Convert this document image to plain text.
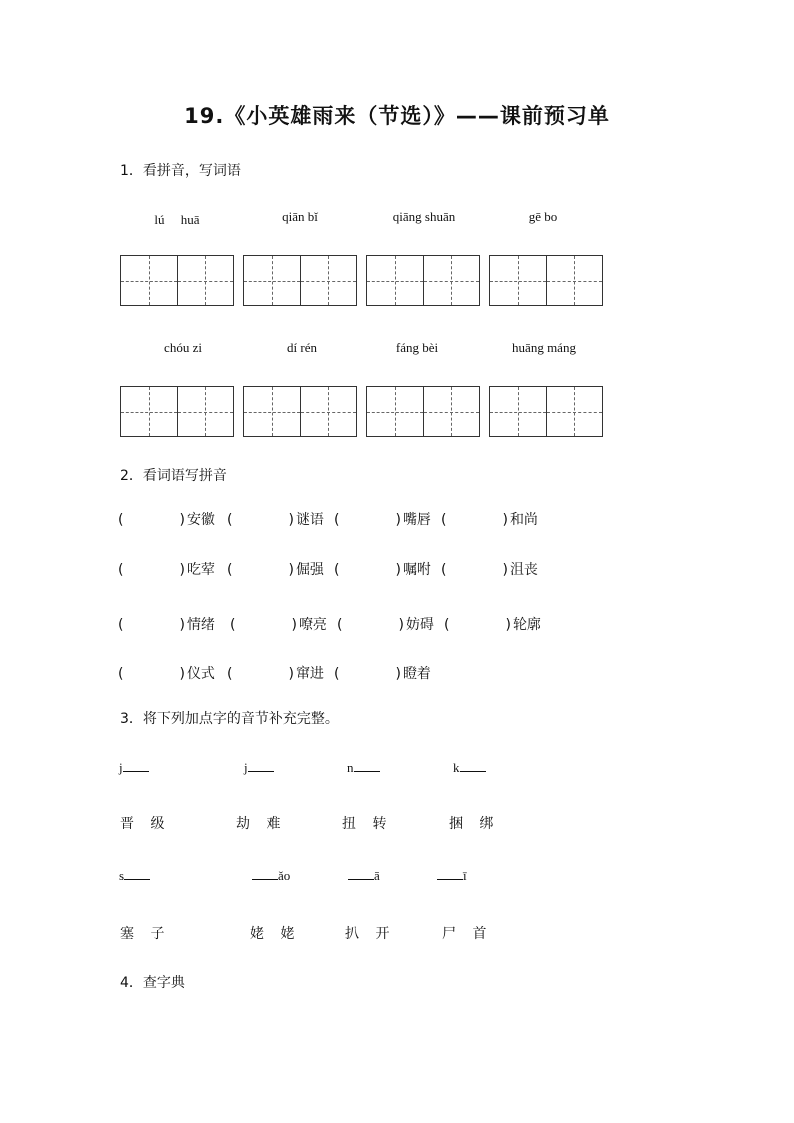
19.《小英雄雨来（节选）》——课前预习单
1．看拼音，写词语
lú　 huā	qiān bǐ	qiāng shuān	gē bo
chóu zi	dí rén	fáng bèi	huāng máng
2．看词语写拼音
(	) 安徽 (	) 谜语 (	) 嘴唇 (	) 和尚
(	) 吃荤 (	) 倔强 (	) 嘱咐 (	) 沮丧
(	) 情绪 (	) 嘹亮 (	) 妨碍 (	) 轮廓
(	) 仪式 (	) 窜进 (	) 瞪着
3．将下列加点字的音节补充完整。
j	j	n	k
晋 级	劫 难	扭 转	捆 绑
s	ǎo	ā	ī
塞 子	姥 姥	扒 开	尸 首
4．查字典
